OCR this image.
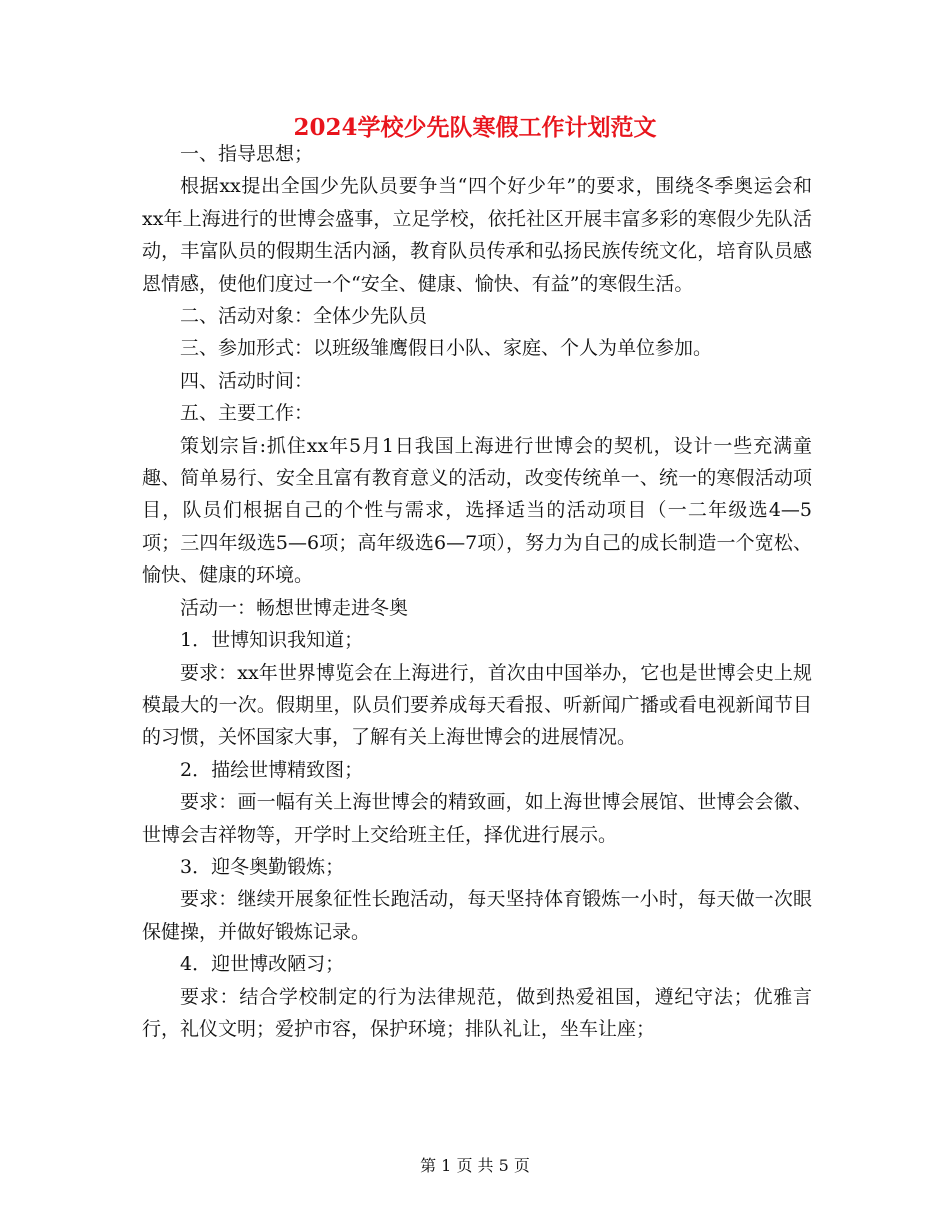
2024学校少先队寒假工作计划范文

一、指导思想；

根据xx提出全国少先队员要争当“四个好少年”的要求，围绕冬季奥运会和xx年上海进行的世博会盛事，立足学校，依托社区开展丰富多彩的寒假少先队活动，丰富队员的假期生活内涵，教育队员传承和弘扬民族传统文化，培育队员感恩情感，使他们度过一个“安全、健康、愉快、有益”的寒假生活。

二、活动对象：全体少先队员

三、参加形式：以班级雏鹰假日小队、家庭、个人为单位参加。

四、活动时间：

五、主要工作：

策划宗旨:抓住xx年5月1日我国上海进行世博会的契机，设计一些充满童趣、简单易行、安全且富有教育意义的活动，改变传统单一、统一的寒假活动项目，队员们根据自己的个性与需求，选择适当的活动项目（一二年级选4—5项；三四年级选5—6项；高年级选6—7项），努力为自己的成长制造一个宽松、愉快、健康的环境。

活动一：畅想世博走进冬奥

1．世博知识我知道；

要求：xx年世界博览会在上海进行，首次由中国举办，它也是世博会史上规模最大的一次。假期里，队员们要养成每天看报、听新闻广播或看电视新闻节目的习惯，关怀国家大事，了解有关上海世博会的进展情况。

2．描绘世博精致图；

要求：画一幅有关上海世博会的精致画，如上海世博会展馆、世博会会徽、世博会吉祥物等，开学时上交给班主任，择优进行展示。

3．迎冬奥勤锻炼；

要求：继续开展象征性长跑活动，每天坚持体育锻炼一小时，每天做一次眼保健操，并做好锻炼记录。

4．迎世博改陋习；

要求：结合学校制定的行为法律规范，做到热爱祖国，遵纪守法；优雅言行，礼仪文明；爱护市容，保护环境；排队礼让，坐车让座；

第 1 页 共 5 页
